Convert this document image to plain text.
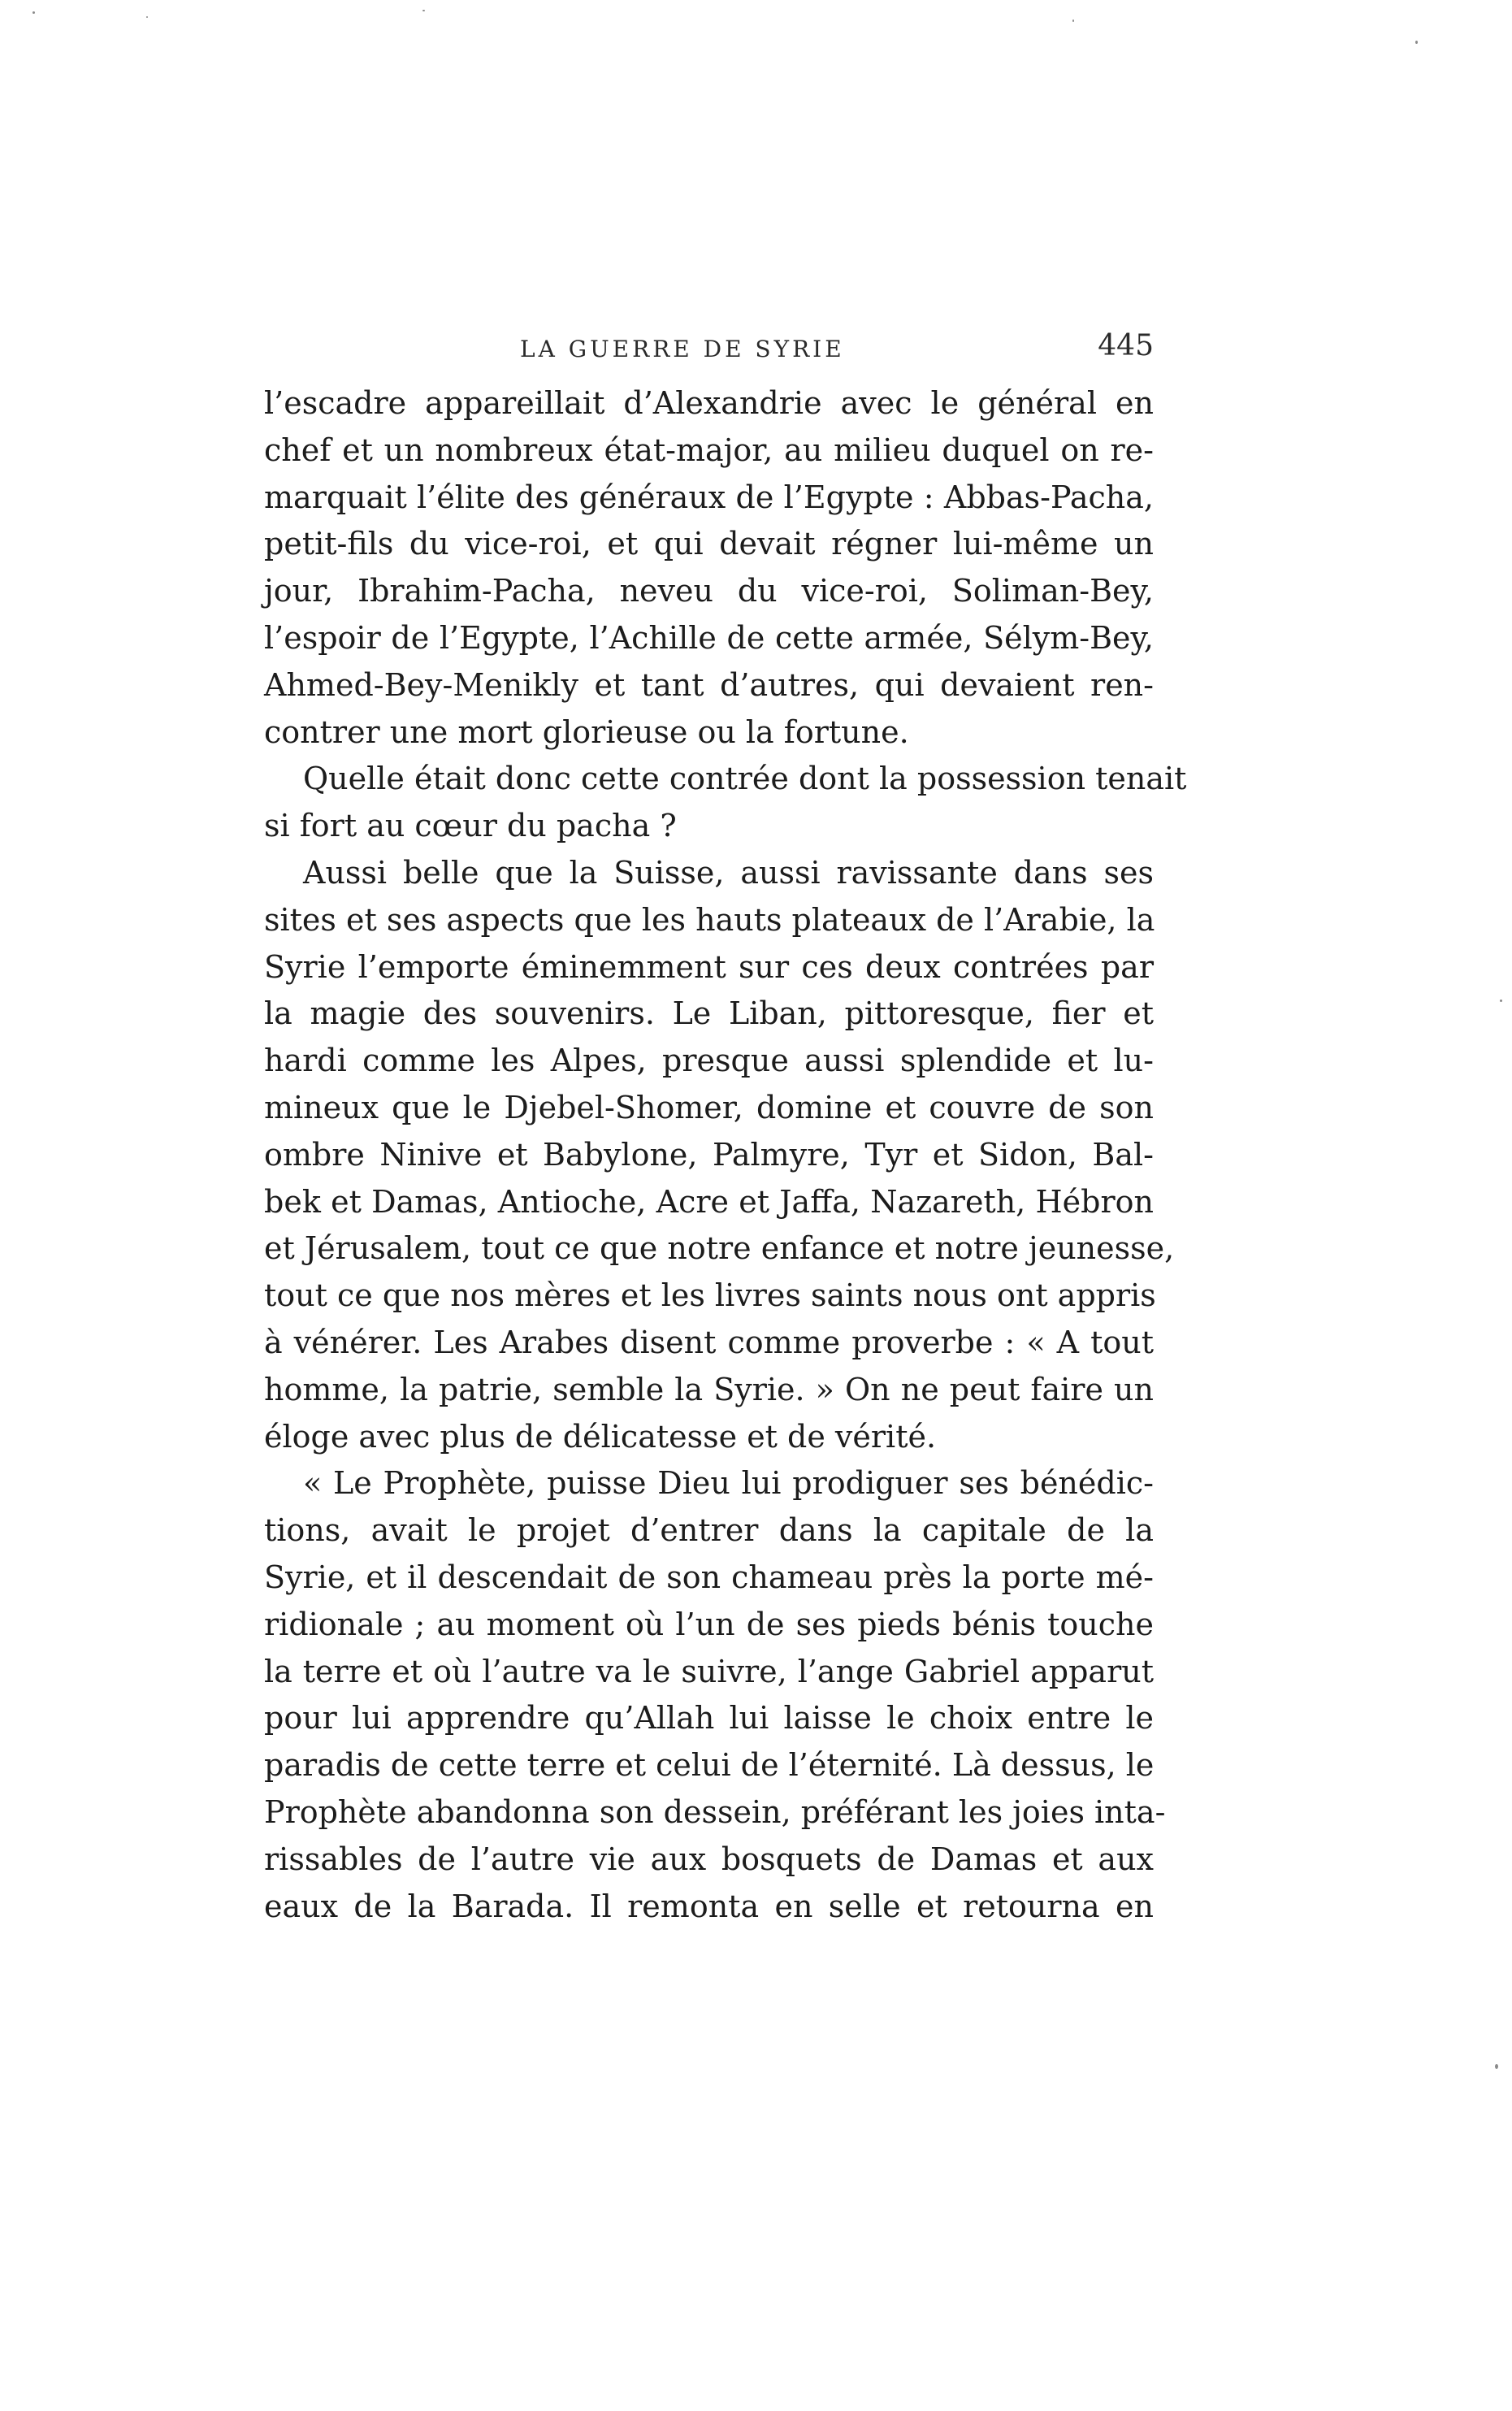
LA GUERRE DE SYRIE	445
l’escadre appareillait d’Alexandrie avec le général en
chef et un nombreux état-major, au milieu duquel on re-
marquait l’élite des généraux de l’Egypte : Abbas-Pacha,
petit-fils du vice-roi, et qui devait régner lui-même un
jour, Ibrahim-Pacha, neveu du vice-roi, Soliman-Bey,
l’espoir de l’Egypte, l’Achille de cette armée, Sélym-Bey,
Ahmed-Bey-Menikly et tant d’autres, qui devaient ren-
contrer une mort glorieuse ou la fortune.
Quelle était donc cette contrée dont la possession tenait
si fort au cœur du pacha ?
Aussi belle que la Suisse, aussi ravissante dans ses
sites et ses aspects que les hauts plateaux de l’Arabie, la
Syrie l’emporte éminemment sur ces deux contrées par
la magie des souvenirs. Le Liban, pittoresque, fier et
hardi comme les Alpes, presque aussi splendide et lu-
mineux que le Djebel-Shomer, domine et couvre de son
ombre Ninive et Babylone, Palmyre, Tyr et Sidon, Bal-
bek et Damas, Antioche, Acre et Jaffa, Nazareth, Hébron
et Jérusalem, tout ce que notre enfance et notre jeunesse,
tout ce que nos mères et les livres saints nous ont appris
à vénérer. Les Arabes disent comme proverbe : « A tout
homme, la patrie, semble la Syrie. » On ne peut faire un
éloge avec plus de délicatesse et de vérité.
« Le Prophète, puisse Dieu lui prodiguer ses bénédic-
tions, avait le projet d’entrer dans la capitale de la
Syrie, et il descendait de son chameau près la porte mé-
ridionale ; au moment où l’un de ses pieds bénis touche
la terre et où l’autre va le suivre, l’ange Gabriel apparut
pour lui apprendre qu’Allah lui laisse le choix entre le
paradis de cette terre et celui de l’éternité. Là dessus, le
Prophète abandonna son dessein, préférant les joies inta-
rissables de l’autre vie aux bosquets de Damas et aux
eaux de la Barada. Il remonta en selle et retourna en
